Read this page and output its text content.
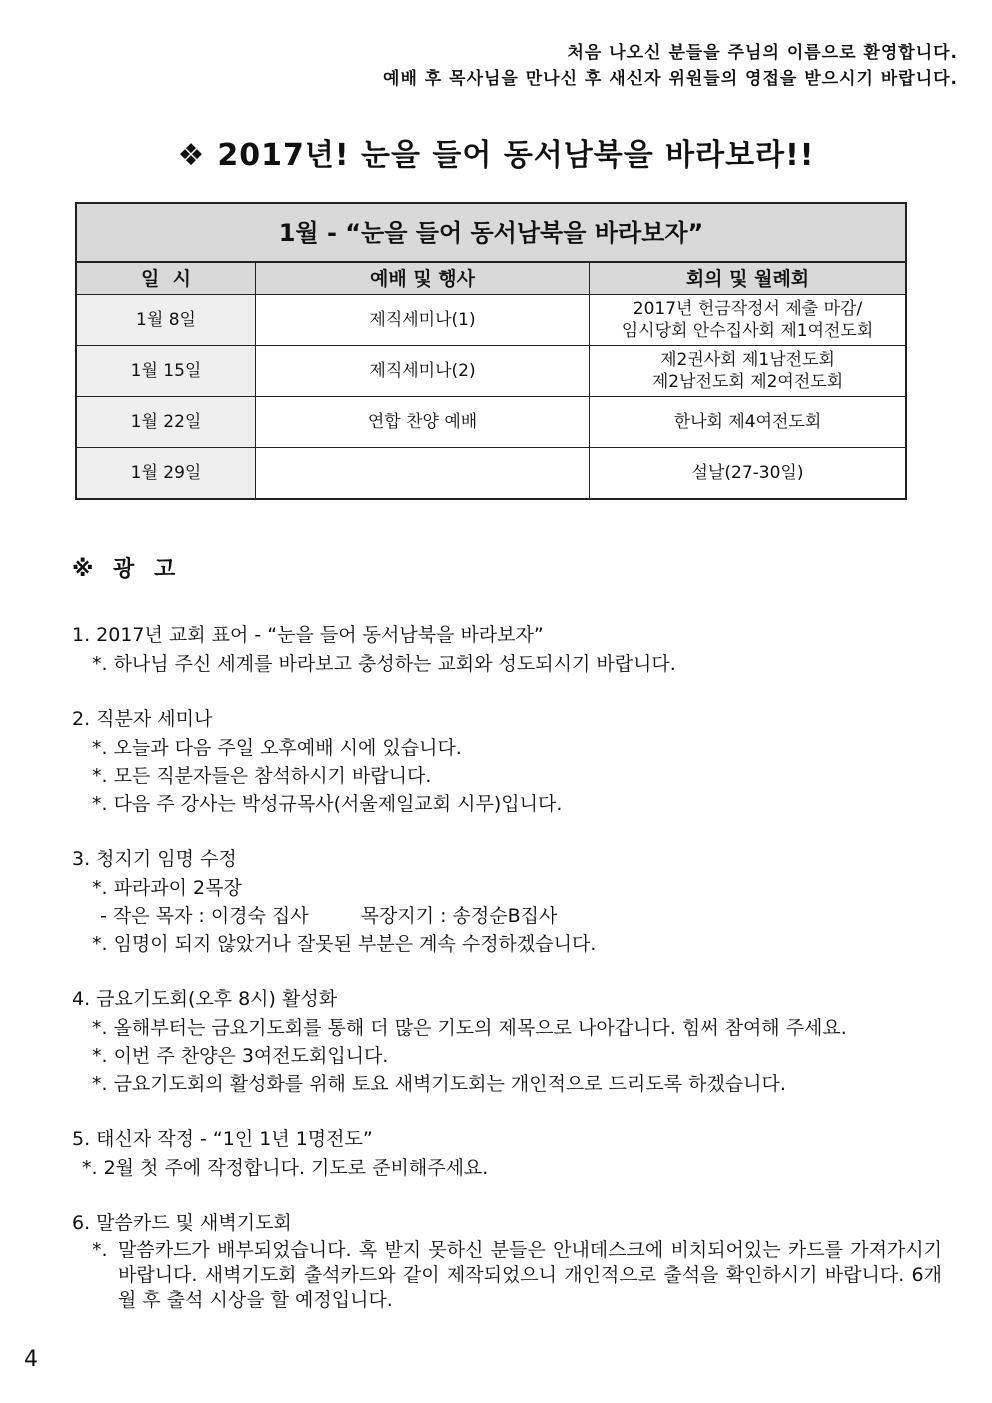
처음 나오신 분들을 주님의 이름으로 환영합니다.
예배 후 목사님을 만나신 후 새신자 위원들의 영접을 받으시기 바랍니다.
❖ 2017년! 눈을 들어 동서남북을 바라보라!!
1월 - “눈을 들어 동서남북을 바라보자”		
일  시	예배 및 행사	회의 및 월례회
1월 8일	제직세미나(1)	2017년 헌금작정서 제출 마감/
임시당회 안수집사회 제1여전도회

1월 15일	제직세미나(2)	제2권사회 제1남전도회
제2남전도회 제2여전도회

1월 22일	연합 찬양 예배	한나회 제4여전도회

1월 29일		설날(27-30일)
※ 광 고
1. 2017년 교회 표어 - “눈을 들어 동서남북을 바라보자”
*. 하나님 주신 세계를 바라보고 충성하는 교회와 성도되시기 바랍니다.
2. 직분자 세미나
*. 오늘과 다음 주일 오후예배 시에 있습니다.
*. 모든 직분자들은 참석하시기 바랍니다.
*. 다음 주 강사는 박성규목사(서울제일교회 시무)입니다.
3. 청지기 임명 수정
*. 파라과이 2목장
- 작은 목자 : 이경숙 집사	목장지기 : 송정순B집사
*. 임명이 되지 않았거나 잘못된 부분은 계속 수정하겠습니다.
4. 금요기도회(오후 8시) 활성화
*. 올해부터는 금요기도회를 통해 더 많은 기도의 제목으로 나아갑니다. 힘써 참여해 주세요.
*. 이번 주 찬양은 3여전도회입니다.
*. 금요기도회의 활성화를 위해 토요 새벽기도회는 개인적으로 드리도록 하겠습니다.
5. 태신자 작정 - “1인 1년 1명전도”
*. 2월 첫 주에 작정합니다. 기도로 준비해주세요.
6. 말씀카드 및 새벽기도회
*. 말씀카드가 배부되었습니다. 혹 받지 못하신 분들은 안내데스크에 비치되어있는 카드를 가져가시기 바랍니다. 새벽기도회 출석카드와 같이 제작되었으니 개인적으로 출석을 확인하시기 바랍니다. 6개월 후 출석 시상을 할 예정입니다.
4
